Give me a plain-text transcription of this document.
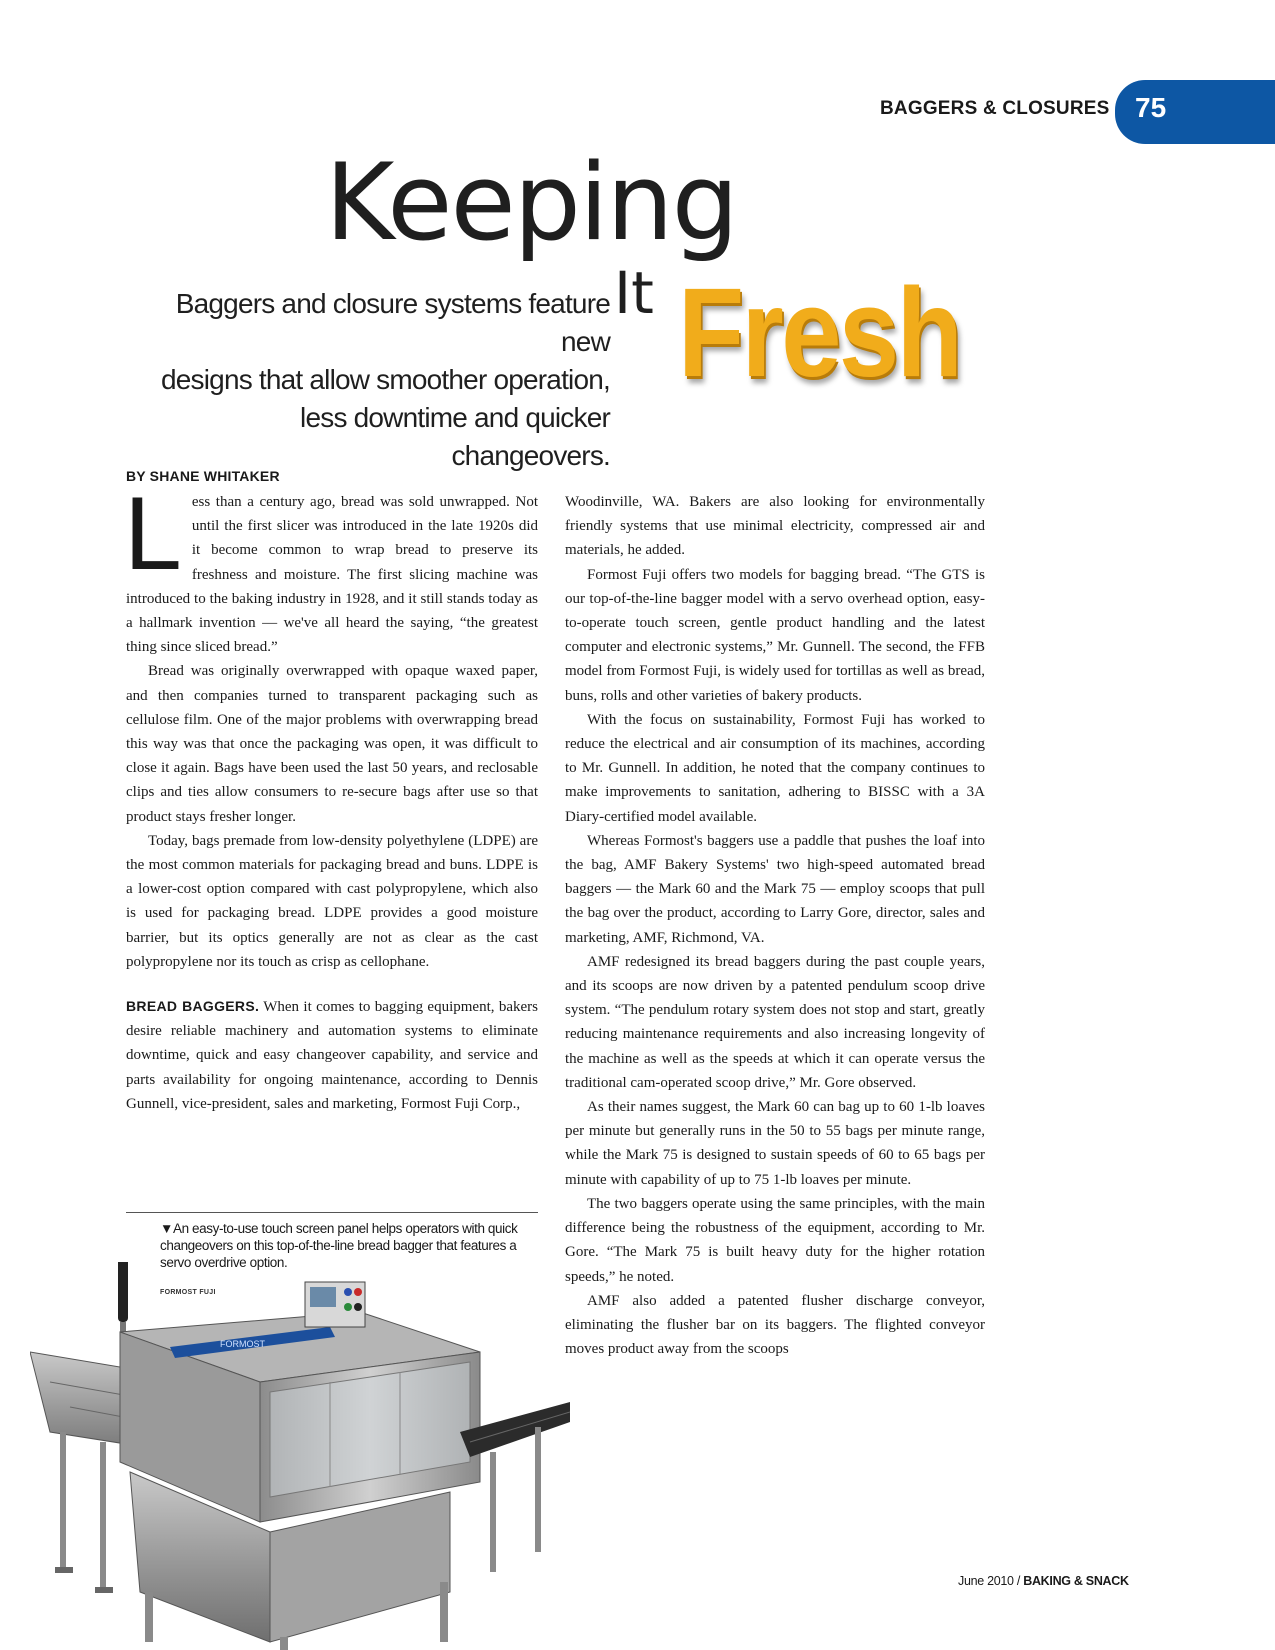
BAGGERS & CLOSURES 75
Keeping
It Fresh
Baggers and closure systems feature new
designs that allow smoother operation,
less downtime and quicker changeovers.
BY SHANE WHITAKER

Less than a century ago, bread was sold unwrapped. Not until the first slicer was introduced in the late 1920s did it become common to wrap bread to preserve its freshness and moisture. The first slicing machine was introduced to the baking industry in 1928, and it still stands today as a hallmark invention — we've all heard the saying, “the greatest thing since sliced bread.”

Bread was originally overwrapped with opaque waxed paper, and then companies turned to transparent packaging such as cellulose film. One of the major problems with overwrapping bread this way was that once the packaging was open, it was difficult to close it again. Bags have been used the last 50 years, and reclosable clips and ties allow consumers to re-secure bags after use so that product stays fresher longer.

Today, bags premade from low-density polyethylene (LDPE) are the most common materials for packaging bread and buns. LDPE is a lower-cost option compared with cast polypropylene, which also is used for packaging bread. LDPE provides a good moisture barrier, but its optics generally are not as clear as the cast polypropylene nor its touch as crisp as cellophane.

BREAD BAGGERS. When it comes to bagging equipment, bakers desire reliable machinery and automation systems to eliminate downtime, quick and easy changeover capability, and service and parts availability for ongoing maintenance, according to Dennis Gunnell, vice-president, sales and marketing, Formost Fuji Corp.,

Woodinville, WA. Bakers are also looking for environmentally friendly systems that use minimal electricity, compressed air and materials, he added.

Formost Fuji offers two models for bagging bread. “The GTS is our top-of-the-line bagger model with a servo overhead option, easy-to-operate touch screen, gentle product handling and the latest computer and electronic systems,” Mr. Gunnell. The second, the FFB model from Formost Fuji, is widely used for tortillas as well as bread, buns, rolls and other varieties of bakery products.

With the focus on sustainability, Formost Fuji has worked to reduce the electrical and air consumption of its machines, according to Mr. Gunnell. In addition, he noted that the company continues to make improvements to sanitation, adhering to BISSC with a 3A Diary-certified model available.

Whereas Formost's baggers use a paddle that pushes the loaf into the bag, AMF Bakery Systems' two high-speed automated bread baggers — the Mark 60 and the Mark 75 — employ scoops that pull the bag over the product, according to Larry Gore, director, sales and marketing, AMF, Richmond, VA.

AMF redesigned its bread baggers during the past couple years, and its scoops are now driven by a patented pendulum scoop drive system. “The pendulum rotary system does not stop and start, greatly reducing maintenance requirements and also increasing longevity of the machine as well as the speeds at which it can operate versus the traditional cam-operated scoop drive,” Mr. Gore observed.

As their names suggest, the Mark 60 can bag up to 60 1-lb loaves per minute but generally runs in the 50 to 55 bags per minute range, while the Mark 75 is designed to sustain speeds of 60 to 65 bags per minute with capability of up to 75 1-lb loaves per minute.

The two baggers operate using the same principles, with the main difference being the robustness of the equipment, according to Mr. Gore. “The Mark 75 is built heavy duty for the higher rotation speeds,” he noted.

AMF also added a patented flusher discharge conveyor, eliminating the flusher bar on its baggers. The flighted conveyor moves product away from the scoops

▼An easy-to-use touch screen panel helps operators with quick changeovers on this top-of-the-line bread bagger that features a servo overdrive option.
FORMOST FUJI
FORMOST
June 2010 / BAKING & SNACK
